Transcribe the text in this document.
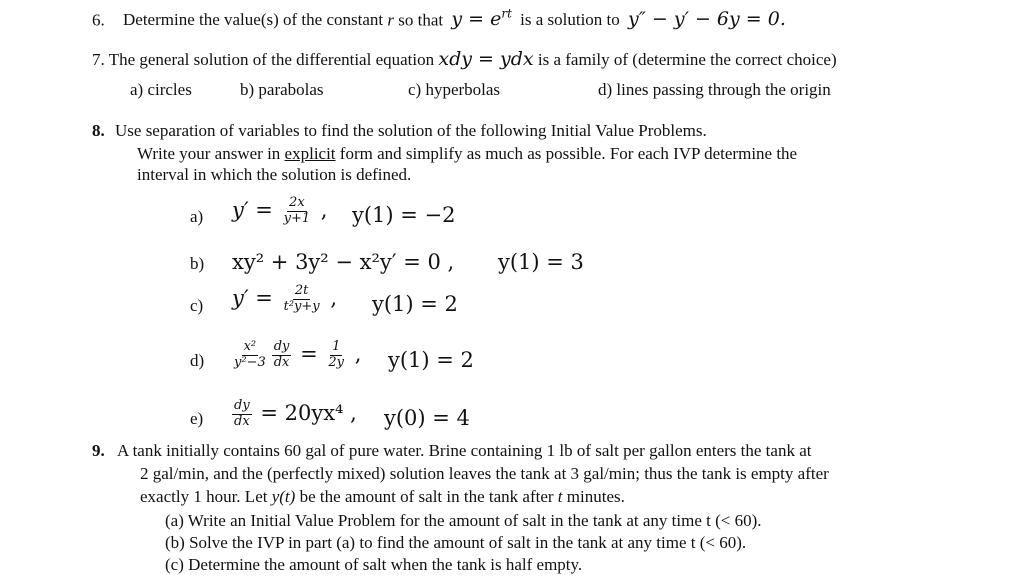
6. Determine the value(s) of the constant r so that $y = e^{rt}$ is a solution to y″ − y′ − 6y = 0.
7. The general solution of the differential equation xdy = ydx is a family of (determine the correct choice)
a) circles	b) parabolas	c) hyperbolas	d) lines passing through the origin
8. Use separation of variables to find the solution of the following Initial Value Problems.
Write your answer in explicit form and simplify as much as possible. For each IVP determine the
interval in which the solution is defined.
a) $y' = \frac{2x}{y+1}$ , y(1) = −2
b) xy² + 3y² − x²y′ = 0 , y(1) = 3
c) $y' = \frac{2t}{\text{t²y+y}}$ , y(1) = 2
$d) \frac{\text{x²}}{\text{y²−3}} \frac{dy}{dx} = \frac{1}{2y}$ , y(1) = 2
$e) \frac{dy}{dx} = 20yx^4$ , y(0) = 4
9. A tank initially contains 60 gal of pure water. Brine containing 1 lb of salt per gallon enters the tank at
2 gal/min, and the (perfectly mixed) solution leaves the tank at 3 gal/min; thus the tank is empty after
exactly 1 hour. Let y(t) be the amount of salt in the tank after t minutes.
(a) Write an Initial Value Problem for the amount of salt in the tank at any time t (< 60).
(b) Solve the IVP in part (a) to find the amount of salt in the tank at any time t (< 60).
(c) Determine the amount of salt when the tank is half empty.
